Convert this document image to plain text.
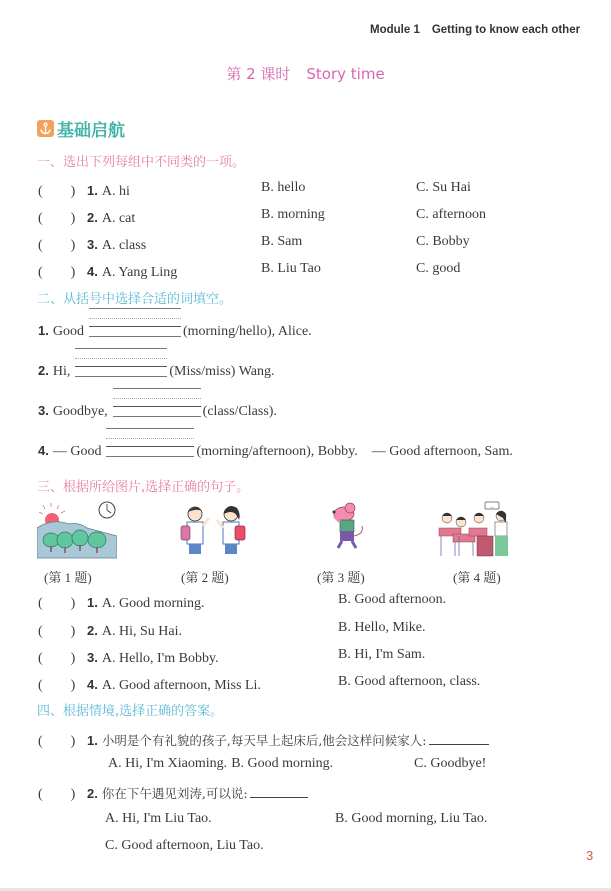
Module 1 Getting to know each other
第 2 课时 Story time
基础启航
一、选出下列每组中不同类的一项。
(　　) 1. A. hi	B. hello	C. Su Hai
(　　) 2. A. cat	B. morning	C. afternoon
(　　) 3. A. class	B. Sam	C. Bobby
(　　) 4. A. Yang Ling	B. Liu Tao	C. good
二、从括号中选择合适的词填空。
1. Good	(morning/hello), Alice.
2. Hi,	(Miss/miss) Wang.
3. Goodbye,	(class/Class).
4. — Good	(morning/afternoon), Bobby. — Good afternoon, Sam.
三、根据所给图片,选择正确的句子。
...
(第 1 题)	(第 2 题)	(第 3 题)	(第 4 题)
(　　) 1. A. Good morning.	B. Good afternoon.
(　　) 2. A. Hi, Su Hai.	B. Hello, Mike.
(　　) 3. A. Hello, I'm Bobby.	B. Hi, I'm Sam.
(　　) 4. A. Good afternoon, Miss Li.	B. Good afternoon, class.
四、根据情境,选择正确的答案。
(　　) 1. 小明是个有礼貌的孩子,每天早上起床后,他会这样问候家人:
A. Hi, I'm Xiaoming. B. Good morning.	C. Goodbye!
(　　) 2. 你在下午遇见刘涛,可以说:
A. Hi, I'm Liu Tao.	B. Good morning, Liu Tao.
C. Good afternoon, Liu Tao.
3
